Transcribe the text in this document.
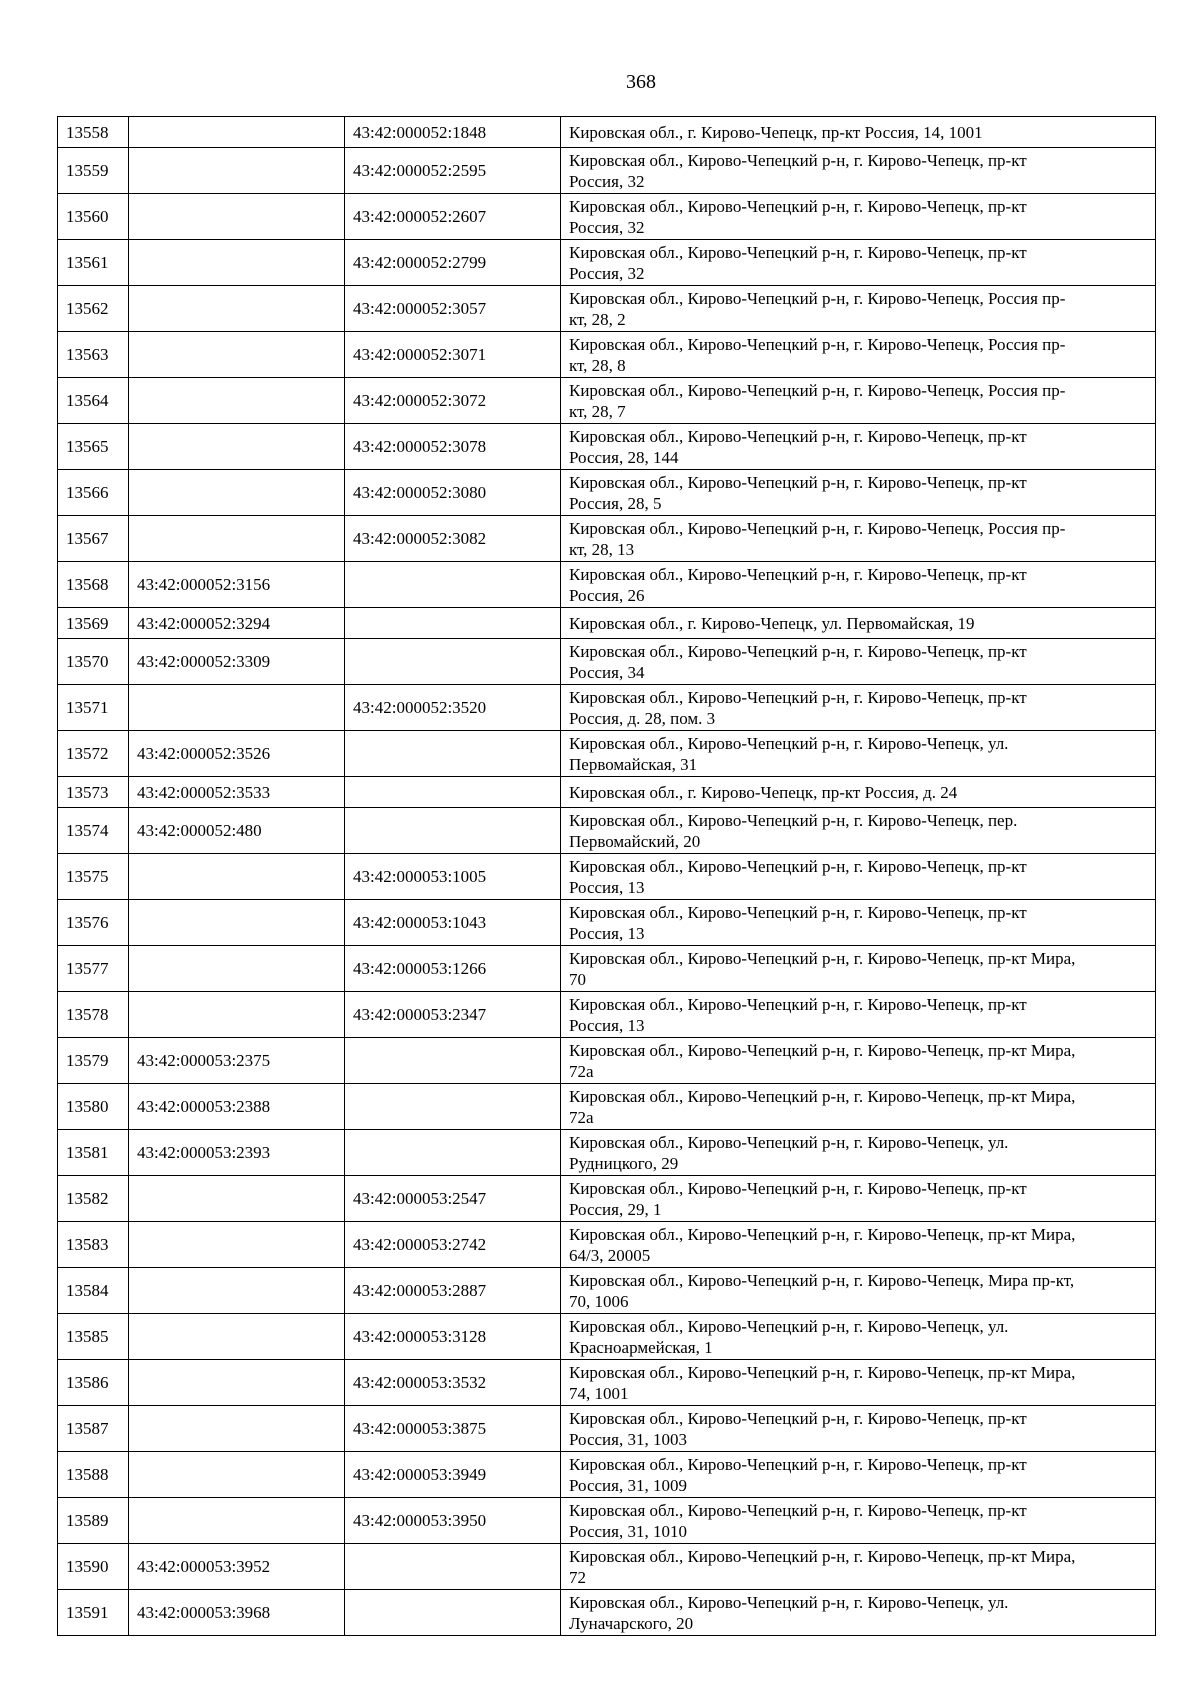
368
13558		43:42:000052:1848	Кировская обл., г. Кирово-Чепецк, пр-кт Россия, 14, 1001

13559		43:42:000052:2595	Кировская обл., Кирово-Чепецкий р-н, г. Кирово-Чепецк, пр-кт
Россия, 32

13560		43:42:000052:2607	Кировская обл., Кирово-Чепецкий р-н, г. Кирово-Чепецк, пр-кт
Россия, 32

13561		43:42:000052:2799	Кировская обл., Кирово-Чепецкий р-н, г. Кирово-Чепецк, пр-кт
Россия, 32

13562		43:42:000052:3057	Кировская обл., Кирово-Чепецкий р-н, г. Кирово-Чепецк, Россия пр-
кт, 28, 2

13563		43:42:000052:3071	Кировская обл., Кирово-Чепецкий р-н, г. Кирово-Чепецк, Россия пр-
кт, 28, 8

13564		43:42:000052:3072	Кировская обл., Кирово-Чепецкий р-н, г. Кирово-Чепецк, Россия пр-
кт, 28, 7

13565		43:42:000052:3078	Кировская обл., Кирово-Чепецкий р-н, г. Кирово-Чепецк, пр-кт
Россия, 28, 144

13566		43:42:000052:3080	Кировская обл., Кирово-Чепецкий р-н, г. Кирово-Чепецк, пр-кт
Россия, 28, 5

13567		43:42:000052:3082	Кировская обл., Кирово-Чепецкий р-н, г. Кирово-Чепецк, Россия пр-
кт, 28, 13

13568	43:42:000052:3156		Кировская обл., Кирово-Чепецкий р-н, г. Кирово-Чепецк, пр-кт
Россия, 26

13569	43:42:000052:3294		Кировская обл., г. Кирово-Чепецк, ул. Первомайская, 19

13570	43:42:000052:3309		Кировская обл., Кирово-Чепецкий р-н, г. Кирово-Чепецк, пр-кт
Россия, 34

13571		43:42:000052:3520	Кировская обл., Кирово-Чепецкий р-н, г. Кирово-Чепецк, пр-кт
Россия, д. 28, пом. 3

13572	43:42:000052:3526		Кировская обл., Кирово-Чепецкий р-н, г. Кирово-Чепецк, ул.
Первомайская, 31

13573	43:42:000052:3533		Кировская обл., г. Кирово-Чепецк, пр-кт Россия, д. 24

13574	43:42:000052:480		Кировская обл., Кирово-Чепецкий р-н, г. Кирово-Чепецк, пер.
Первомайский, 20

13575		43:42:000053:1005	Кировская обл., Кирово-Чепецкий р-н, г. Кирово-Чепецк, пр-кт
Россия, 13

13576		43:42:000053:1043	Кировская обл., Кирово-Чепецкий р-н, г. Кирово-Чепецк, пр-кт
Россия, 13

13577		43:42:000053:1266	Кировская обл., Кирово-Чепецкий р-н, г. Кирово-Чепецк, пр-кт Мира,
70

13578		43:42:000053:2347	Кировская обл., Кирово-Чепецкий р-н, г. Кирово-Чепецк, пр-кт
Россия, 13

13579	43:42:000053:2375		Кировская обл., Кирово-Чепецкий р-н, г. Кирово-Чепецк, пр-кт Мира,
72а

13580	43:42:000053:2388		Кировская обл., Кирово-Чепецкий р-н, г. Кирово-Чепецк, пр-кт Мира,
72а

13581	43:42:000053:2393		Кировская обл., Кирово-Чепецкий р-н, г. Кирово-Чепецк, ул.
Рудницкого, 29

13582		43:42:000053:2547	Кировская обл., Кирово-Чепецкий р-н, г. Кирово-Чепецк, пр-кт
Россия, 29, 1

13583		43:42:000053:2742	Кировская обл., Кирово-Чепецкий р-н, г. Кирово-Чепецк, пр-кт Мира,
64/3, 20005

13584		43:42:000053:2887	Кировская обл., Кирово-Чепецкий р-н, г. Кирово-Чепецк, Мира пр-кт,
70, 1006

13585		43:42:000053:3128	Кировская обл., Кирово-Чепецкий р-н, г. Кирово-Чепецк, ул.
Красноармейская, 1

13586		43:42:000053:3532	Кировская обл., Кирово-Чепецкий р-н, г. Кирово-Чепецк, пр-кт Мира,
74, 1001

13587		43:42:000053:3875	Кировская обл., Кирово-Чепецкий р-н, г. Кирово-Чепецк, пр-кт
Россия, 31, 1003

13588		43:42:000053:3949	Кировская обл., Кирово-Чепецкий р-н, г. Кирово-Чепецк, пр-кт
Россия, 31, 1009

13589		43:42:000053:3950	Кировская обл., Кирово-Чепецкий р-н, г. Кирово-Чепецк, пр-кт
Россия, 31, 1010

13590	43:42:000053:3952		Кировская обл., Кирово-Чепецкий р-н, г. Кирово-Чепецк, пр-кт Мира,
72

13591	43:42:000053:3968		Кировская обл., Кирово-Чепецкий р-н, г. Кирово-Чепецк, ул.
Луначарского, 20
